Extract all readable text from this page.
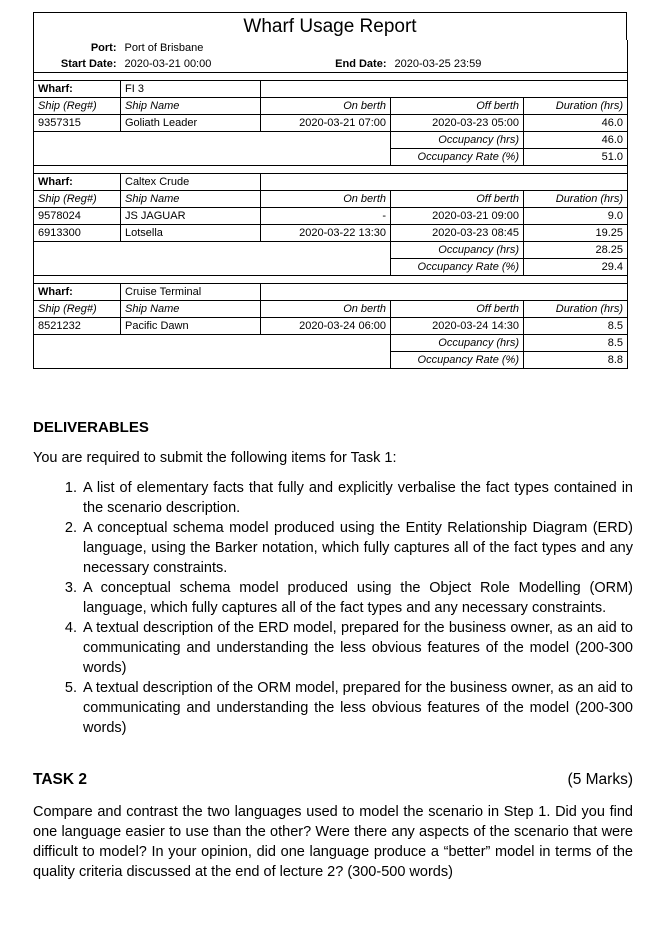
Wharf Usage Report
Port:	Port of Brisbane			
Start Date:	2020-03-21 00:00	End Date:	2020-03-25 23:59	

Wharf:	FI 3			
Ship (Reg#)	Ship Name	On berth	Off berth	Duration (hrs)
9357315	Goliath Leader	2020-03-21 07:00	2020-03-23 05:00	46.0
			Occupancy (hrs)	46.0
			Occupancy Rate (%)	51.0

Wharf:	Caltex Crude			
Ship (Reg#)	Ship Name	On berth	Off berth	Duration (hrs)
9578024	JS JAGUAR	-	2020-03-21 09:00	9.0
6913300	Lotsella	2020-03-22 13:30	2020-03-23 08:45	19.25
			Occupancy (hrs)	28.25
			Occupancy Rate (%)	29.4

Wharf:	Cruise Terminal			
Ship (Reg#)	Ship Name	On berth	Off berth	Duration (hrs)
8521232	Pacific Dawn	2020-03-24 06:00	2020-03-24 14:30	8.5
			Occupancy (hrs)	8.5
			Occupancy Rate (%)	8.8
DELIVERABLES
You are required to submit the following items for Task 1:
1. A list of elementary facts that fully and explicitly verbalise the fact types contained in the scenario description.
2. A conceptual schema model produced using the Entity Relationship Diagram (ERD) language, using the Barker notation, which fully captures all of the fact types and any necessary constraints.
3. A conceptual schema model produced using the Object Role Modelling (ORM) language, which fully captures all of the fact types and any necessary constraints.
4. A textual description of the ERD model, prepared for the business owner, as an aid to communicating and understanding the less obvious features of the model (200-300 words)
5. A textual description of the ORM model, prepared for the business owner, as an aid to communicating and understanding the less obvious features of the model (200-300 words)
TASK 2	(5 Marks)
Compare and contrast the two languages used to model the scenario in Step 1. Did you find one language easier to use than the other? Were there any aspects of the scenario that were difficult to model? In your opinion, did one language produce a “better” model in terms of the quality criteria discussed at the end of lecture 2? (300-500 words)
